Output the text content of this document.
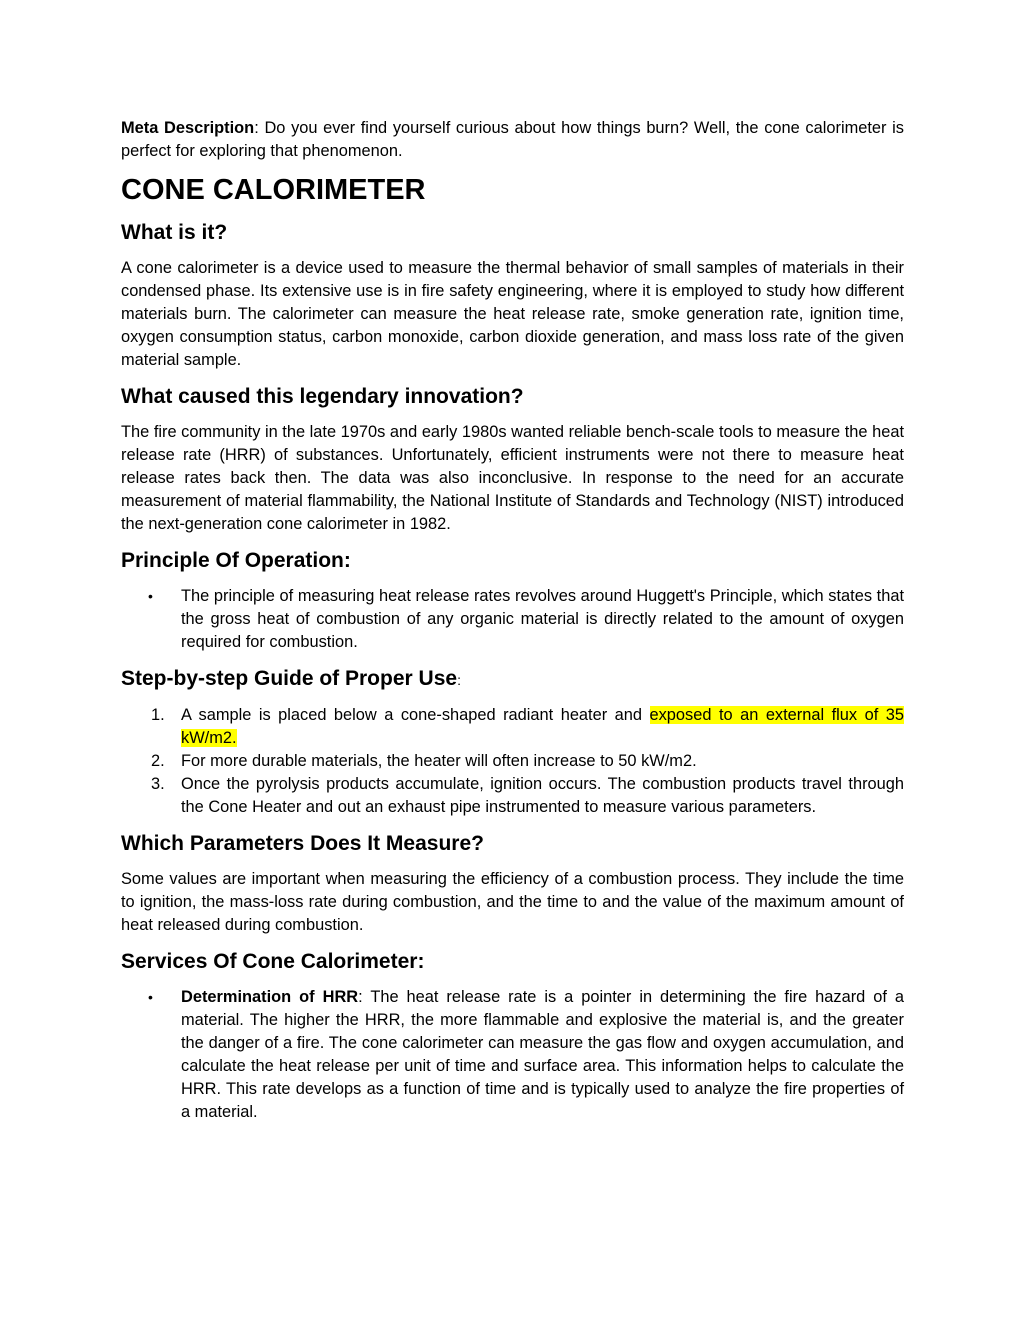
Meta Description: Do you ever find yourself curious about how things burn? Well, the cone calorimeter is perfect for exploring that phenomenon.

CONE CALORIMETER
What is it?

A cone calorimeter is a device used to measure the thermal behavior of small samples of materials in their condensed phase. Its extensive use is in fire safety engineering, where it is employed to study how different materials burn. The calorimeter can measure the heat release rate, smoke generation rate, ignition time, oxygen consumption status, carbon monoxide, carbon dioxide generation, and mass loss rate of the given material sample.

What caused this legendary innovation?

The fire community in the late 1970s and early 1980s wanted reliable bench-scale tools to measure the heat release rate (HRR) of substances. Unfortunately, efficient instruments were not there to measure heat release rates back then. The data was also inconclusive. In response to the need for an accurate measurement of material flammability, the National Institute of Standards and Technology (NIST) introduced the next-generation cone calorimeter in 1982.

Principle Of Operation:
• The principle of measuring heat release rates revolves around Huggett's Principle, which states that the gross heat of combustion of any organic material is directly related to the amount of oxygen required for combustion.
Step-by-step Guide of Proper Use:
1. A sample is placed below a cone-shaped radiant heater and exposed to an external flux of 35 kW/m2.
2. For more durable materials, the heater will often increase to 50 kW/m2.
3. Once the pyrolysis products accumulate, ignition occurs. The combustion products travel through the Cone Heater and out an exhaust pipe instrumented to measure various parameters.
Which Parameters Does It Measure?

Some values are important when measuring the efficiency of a combustion process. They include the time to ignition, the mass-loss rate during combustion, and the time to and the value of the maximum amount of heat released during combustion.

Services Of Cone Calorimeter:
• Determination of HRR: The heat release rate is a pointer in determining the fire hazard of a material. The higher the HRR, the more flammable and explosive the material is, and the greater the danger of a fire. The cone calorimeter can measure the gas flow and oxygen accumulation, and calculate the heat release per unit of time and surface area. This information helps to calculate the HRR. This rate develops as a function of time and is typically used to analyze the fire properties of a material.
